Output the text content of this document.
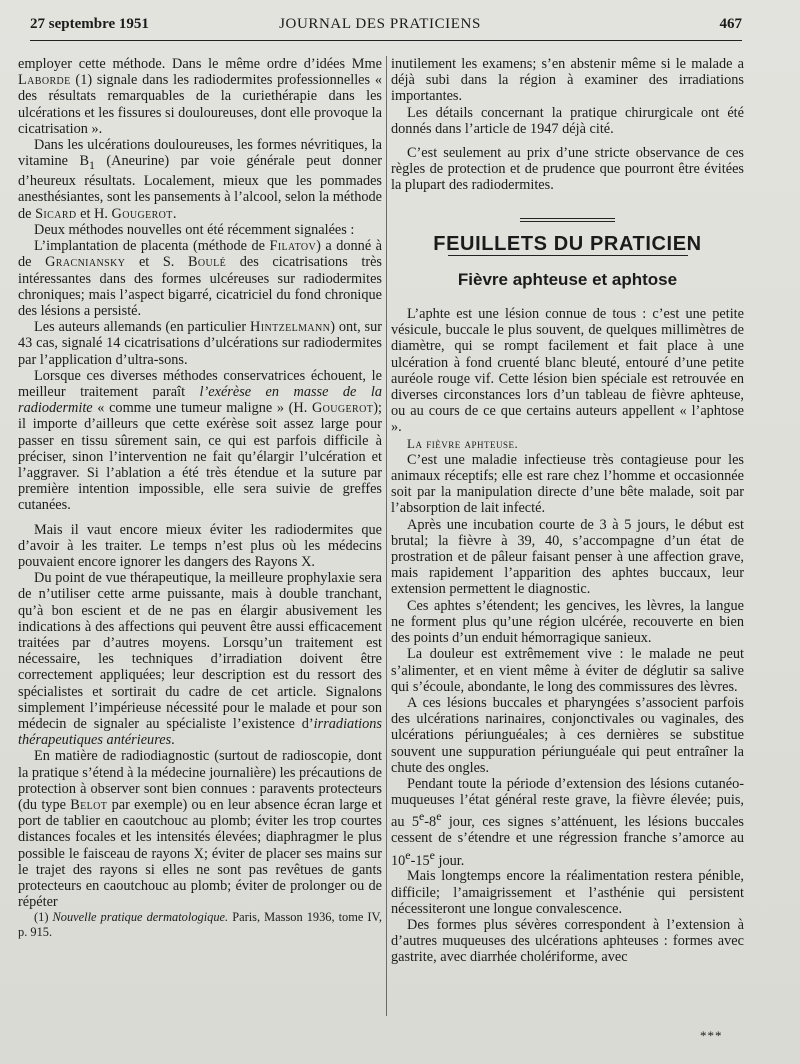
27 septembre 1951	JOURNAL DES PRATICIENS	467

employer cette méthode. Dans le même ordre d’idées Mme Laborde (1) signale dans les radiodermites professionnelles « des résultats remarquables de la curiethérapie dans les ulcérations et les fissures si douloureuses, dont elle provoque la cicatrisation ».

Dans les ulcérations douloureuses, les formes névritiques, la vitamine $B_1$ (Aneurine) par voie générale peut donner d’heureux résultats. Localement, mieux que les pommades anesthésiantes, sont les pansements à l’alcool, selon la méthode de Sicard et H. Gougerot.

Deux méthodes nouvelles ont été récemment signalées :

L’implantation de placenta (méthode de Filatov) a donné à de Gracniansky et S. Boulé des cicatrisations très intéressantes dans des formes ulcéreuses sur radiodermites chroniques; mais l’aspect bigarré, cicatriciel du fond chronique des lésions a persisté.

Les auteurs allemands (en particulier Hintzelmann) ont, sur 43 cas, signalé 14 cicatrisations d’ulcérations sur radiodermites par l’application d’ultra-sons.

Lorsque ces diverses méthodes conservatrices échouent, le meilleur traitement paraît l’exérèse en masse de la radiodermite « comme une tumeur maligne » (H. Gougerot); il importe d’ailleurs que cette exérèse soit assez large pour passer en tissu sûrement sain, ce qui est parfois difficile à préciser, sinon l’intervention ne fait qu’élargir l’ulcération et l’aggraver. Si l’ablation a été très étendue et la suture par première intention impossible, elle sera suivie de greffes cutanées.

Mais il vaut encore mieux éviter les radiodermites que d’avoir à les traiter. Le temps n’est plus où les médecins pouvaient encore ignorer les dangers des Rayons X.

Du point de vue thérapeutique, la meilleure prophylaxie sera de n’utiliser cette arme puissante, mais à double tranchant, qu’à bon escient et de ne pas en élargir abusivement les indications à des affections qui peuvent être aussi efficacement traitées par d’autres moyens. Lorsqu’un traitement est nécessaire, les techniques d’irradiation doivent être correctement appliquées; leur description est du ressort des spécialistes et sortirait du cadre de cet article. Signalons simplement l’impérieuse nécessité pour le malade et pour son médecin de signaler au spécialiste l’existence d’irradiations thérapeutiques antérieures.

En matière de radiodiagnostic (surtout de radioscopie, dont la pratique s’étend à la médecine journalière) les précautions de protection à observer sont bien connues : paravents protecteurs (du type Belot par exemple) ou en leur absence écran large et port de tablier en caoutchouc au plomb; éviter les trop courtes distances focales et les intensités élevées; diaphragmer le plus possible le faisceau de rayons X; éviter de placer ses mains sur le trajet des rayons si elles ne sont pas revêtues de gants protecteurs en caoutchouc au plomb; éviter de prolonger ou de répéter

(1) Nouvelle pratique dermatologique. Paris, Masson 1936, tome IV, p. 915.

inutilement les examens; s’en abstenir même si le malade a déjà subi dans la région à examiner des irradiations importantes.

Les détails concernant la pratique chirurgicale ont été donnés dans l’article de 1947 déjà cité.

C’est seulement au prix d’une stricte observance de ces règles de protection et de prudence que pourront être évitées la plupart des radiodermites.

FEUILLETS DU PRATICIEN
Fièvre aphteuse et aphtose

L’aphte est une lésion connue de tous : c’est une petite vésicule, buccale le plus souvent, de quelques millimètres de diamètre, qui se rompt facilement et fait place à une ulcération à fond cruenté blanc bleuté, entouré d’une petite auréole rouge vif. Cette lésion bien spéciale est retrouvée en diverses circonstances lors d’un tableau de fièvre aphteuse, ou au cours de ce que certains auteurs appellent « l’aphtose ».

La fièvre aphteuse.

C’est une maladie infectieuse très contagieuse pour les animaux réceptifs; elle est rare chez l’homme et occasionnée soit par la manipulation directe d’une bête malade, soit par l’absorption de lait infecté.

Après une incubation courte de 3 à 5 jours, le début est brutal; la fièvre à 39, 40, s’accompagne d’un état de prostration et de pâleur faisant penser à une affection grave, mais rapidement l’apparition des aphtes buccaux, leur extension permettent le diagnostic.

Ces aphtes s’étendent; les gencives, les lèvres, la langue ne forment plus qu’une région ulcérée, recouverte en bien des points d’un enduit hémorragique sanieux.

La douleur est extrêmement vive : le malade ne peut s’alimenter, et en vient même à éviter de déglutir sa salive qui s’écoule, abondante, le long des commissures des lèvres.

A ces lésions buccales et pharyngées s’associent parfois des ulcérations narinaires, conjonctivales ou vaginales, des ulcérations périunguéales; à ces dernières se substitue souvent une suppuration périunguéale qui peut entraîner la chute des ongles.

Pendant toute la période d’extension des lésions cutanéo-muqueuses l’état général reste grave, la fièvre élevée; puis, au 5e-8e jour, ces signes s’atténuent, les lésions buccales cessent de s’étendre et une régression franche s’amorce au 10e-15e jour.

Mais longtemps encore la réalimentation restera pénible, difficile; l’amaigrissement et l’asthénie qui persistent nécessiteront une longue convalescence.

Des formes plus sévères correspondent à l’extension à d’autres muqueuses des ulcérations aphteuses : formes avec gastrite, avec diarrhée cholériforme, avec

***
